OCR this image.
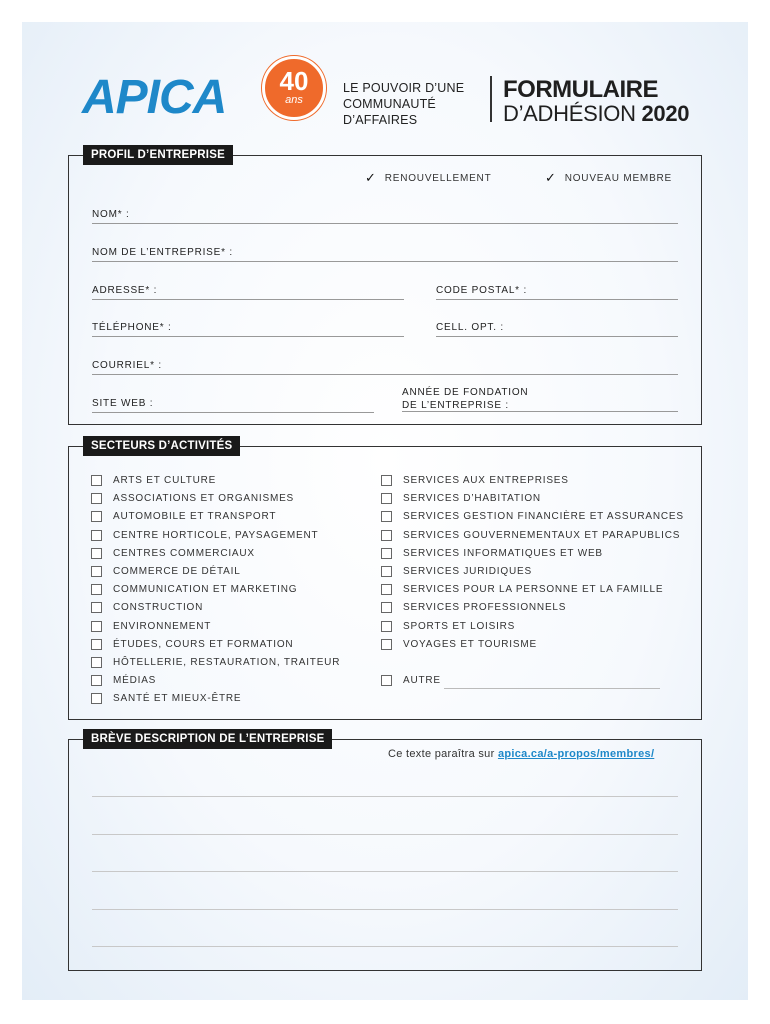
APICA	40
ans
LE POUVOIR D’UNE
COMMUNAUTÉ
D’AFFAIRES
FORMULAIRE
D’ADHÉSION 2020
PROFIL D’ENTREPRISE
✓ RENOUVELLEMENT	✓ NOUVEAU MEMBRE
NOM* :
NOM DE L’ENTREPRISE* :
ADRESSE* :	CODE POSTAL* :
TÉLÉPHONE* :	CELL. OPT. :
COURRIEL* :
SITE WEB :
ANNÉE DE FONDATION
DE L’ENTREPRISE :
SECTEURS D’ACTIVITÉS
ARTS ET CULTURE
ASSOCIATIONS ET ORGANISMES
AUTOMOBILE ET TRANSPORT
CENTRE HORTICOLE, PAYSAGEMENT
CENTRES COMMERCIAUX
COMMERCE DE DÉTAIL
COMMUNICATION ET MARKETING
CONSTRUCTION
ENVIRONNEMENT
ÉTUDES, COURS ET FORMATION
HÔTELLERIE, RESTAURATION, TRAITEUR
MÉDIAS
SANTÉ ET MIEUX-ÊTRE
SERVICES AUX ENTREPRISES
SERVICES D’HABITATION
SERVICES GESTION FINANCIÈRE ET ASSURANCES
SERVICES GOUVERNEMENTAUX ET PARAPUBLICS
SERVICES INFORMATIQUES ET WEB
SERVICES JURIDIQUES
SERVICES POUR LA PERSONNE ET LA FAMILLE
SERVICES PROFESSIONNELS
SPORTS ET LOISIRS
VOYAGES ET TOURISME
AUTRE
BRÈVE DESCRIPTION DE L’ENTREPRISE
Ce texte paraîtra sur apica.ca/a-propos/membres/
